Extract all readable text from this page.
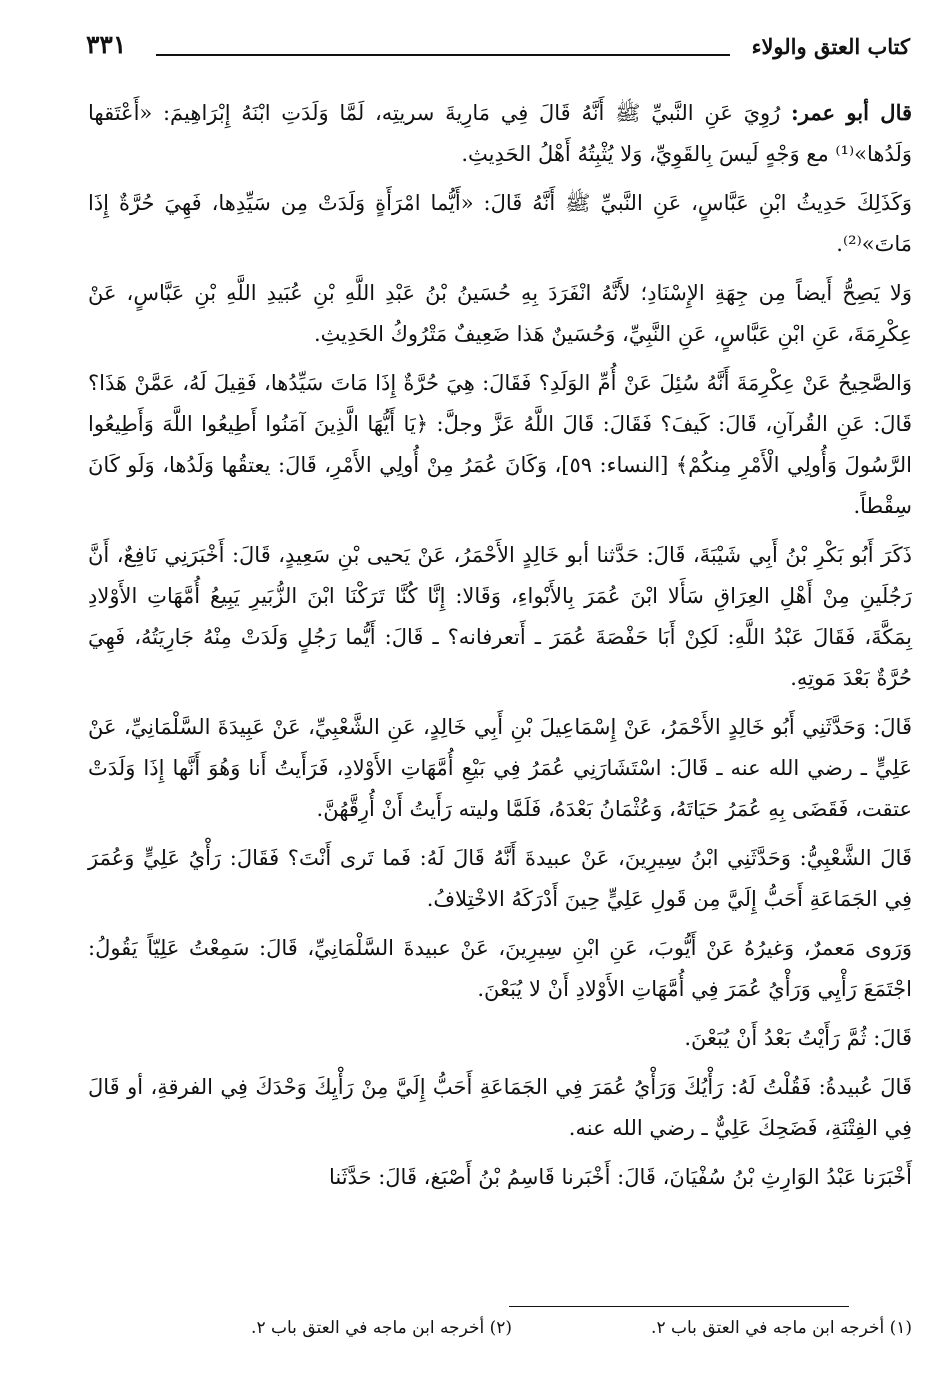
كتاب العتق والولاء
٣٣١

قال أبو عمر: رُوِيَ عَنِ النَّبيِّ ﷺ أَنَّهُ قَالَ فِي مَارِيةَ سريتِه، لَمَّا وَلَدَتِ ابْنَهُ إِبْرَاهِيمَ: «أَعْتَقها وَلَدُها»⁽¹⁾ مع وَجْهٍ لَيسَ بِالقَوِيِّ، وَلا يُثْبِتُهُ أَهْلُ الحَدِيثِ.

وَكَذَلِكَ حَدِيثُ ابْنِ عَبَّاسٍ، عَنِ النَّبيِّ ﷺ أَنَّهُ قَالَ: «أَيُّما امْرَأَةٍ وَلَدَتْ مِن سَيِّدِها، فَهِيَ حُرَّةٌ إِذَا مَاتَ»⁽²⁾.

وَلا يَصِحُّ أَيضاً مِن جِهَةِ الإِسْنَادِ؛ لأَنَّهُ انْفَرَدَ بِهِ حُسَينُ بْنُ عَبْدِ اللَّهِ بْنِ عُبَيدِ اللَّهِ بْنِ عَبَّاسٍ، عَنْ عِكْرِمَةَ، عَنِ ابْنِ عَبَّاسٍ، عَنِ النَّبِيِّ، وَحُسَينٌ هَذا ضَعِيفٌ مَتْرُوكُ الحَدِيثِ.

وَالصَّحِيحُ عَنْ عِكْرِمَةَ أَنَّهُ سُئِلَ عَنْ أُمِّ الوَلَدِ؟ فَقَالَ: هِيَ حُرَّةٌ إِذَا مَاتَ سَيِّدُها، فَقِيلَ لَهُ، عَمَّنْ هَذَا؟ قَالَ: عَنِ القُرآنِ، قَالَ: كَيفَ؟ فَقَالَ: قَالَ اللَّهُ عَزَّ وجلَّ: ﴿يَا أَيُّهَا الَّذِينَ آمَنُوا أَطِيعُوا اللَّهَ وَأَطِيعُوا الرَّسُولَ وَأُولِي الْأَمْرِ مِنكُمْ﴾ [النساء: ٥٩]، وَكَانَ عُمَرُ مِنْ أُولِي الأَمْرِ، قَالَ: يعتقُها وَلَدُها، وَلَو كَانَ سِقْطاً.

ذَكَرَ أَبُو بَكْرِ بْنُ أَبِي شَيْبَةَ، قَالَ: حَدَّثنا أبو خَالِدٍ الأَحْمَرُ، عَنْ يَحيى بْنِ سَعِيدٍ، قَالَ: أَخْبَرَنِي نَافِعٌ، أَنَّ رَجُلَينِ مِنْ أَهْلِ العِرَاقِ سَأَلا ابْنَ عُمَرَ بِالأَبْواءِ، وَقَالا: إِنَّا كُنَّا تَرَكْنَا ابْنَ الزُّبَيرِ يَبِيعُ أُمَّهَاتِ الأَوْلادِ بِمَكَّةَ، فَقَالَ عَبْدُ اللَّهِ: لَكِنْ أَبَا حَفْصَةَ عُمَرَ ـ أَتعرفانه؟ ـ قَالَ: أَيُّما رَجُلٍ وَلَدَتْ مِنْهُ جَارِيَتُهُ، فَهِيَ حُرَّةٌ بَعْدَ مَوتِهِ.

قَالَ: وَحَدَّثَنِي أَبُو خَالِدٍ الأَحْمَرُ، عَنْ إِسْمَاعِيلَ بْنِ أَبِي خَالِدٍ، عَنِ الشَّعْبِيِّ، عَنْ عَبِيدَةَ السَّلْمَانِيِّ، عَنْ عَلِيٍّ ـ رضي الله عنه ـ قَالَ: اسْتَشَارَنِي عُمَرُ فِي بَيْعِ أُمَّهَاتِ الأَوْلادِ، فَرَأَيتُ أَنا وَهُوَ أَنَّها إِذَا وَلَدَتْ عتقت، فَقَضَى بِهِ عُمَرُ حَيَاتَهُ، وَعُثْمَانُ بَعْدَهُ، فَلَمَّا وليته رَأَيتُ أَنْ أُرِقَّهُنَّ.

قَالَ الشَّعْبِيُّ: وَحَدَّثَنِي ابْنُ سِيرِينَ، عَنْ عبيدةَ أَنَّهُ قَالَ لَهُ: فَما تَرى أَنْتَ؟ فَقَالَ: رَأْيُ عَلِيٍّ وَعُمَرَ فِي الجَمَاعَةِ أَحَبُّ إِلَيَّ مِن قَولِ عَلِيٍّ حِينَ أَدْرَكَهُ الاخْتِلافُ.

وَرَوى مَعمرٌ، وَغيرُهُ عَنْ أَيُّوبَ، عَنِ ابْنِ سِيرِينَ، عَنْ عبيدةَ السَّلْمَانِيِّ، قَالَ: سَمِعْتُ عَلِيّاً يَقُولُ: اجْتَمَعَ رَأْيِي وَرَأْيُ عُمَرَ فِي أُمَّهَاتِ الأَوْلادِ أَنْ لا يُبَعْنَ.

قَالَ: ثُمَّ رَأَيْتُ بَعْدُ أَنْ يُبَعْنَ.

قَالَ عُبيدةُ: فَقُلْتُ لَهُ: رَأْيُكَ وَرَأْيُ عُمَرَ فِي الجَمَاعَةِ أَحَبُّ إِلَيَّ مِنْ رَأْيِكَ وَحْدَكَ فِي الفرقةِ، أو قَالَ فِي الفِتْنَةِ، فَضَحِكَ عَلِيٌّ ـ رضي الله عنه.

أَخْبَرَنا عَبْدُ الوَارِثِ بْنُ سُفْيَانَ، قَالَ: أَخْبَرنا قَاسِمُ بْنُ أَصْبَغ، قَالَ: حَدَّثَنا

(١) أخرجه ابن ماجه في العتق باب ٢.
(٢) أخرجه ابن ماجه في العتق باب ٢.
